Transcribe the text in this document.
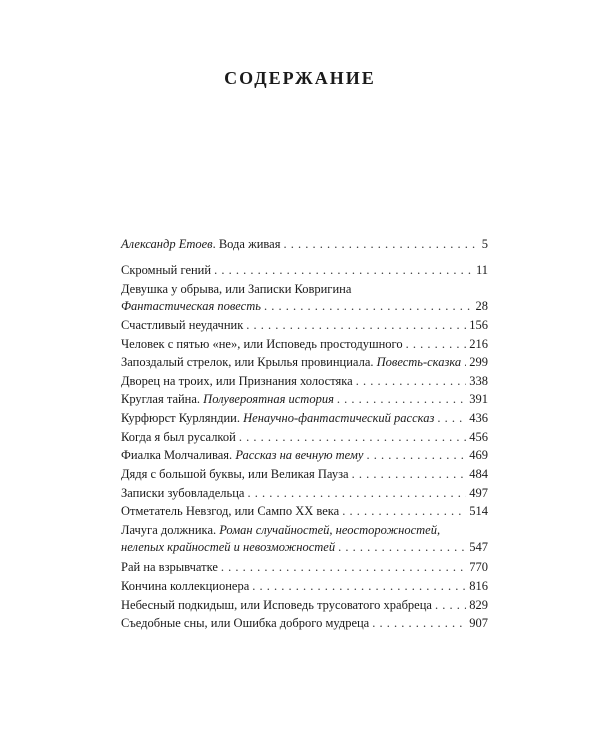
СОДЕРЖАНИЕ
Александр Етоев. Вода живая . . .	5
Скромный гений . . .	11
Девушка у обрыва, или Записки Ковригина
Фантастическая повесть . . .	28
Счастливый неудачник . . .	156
Человек с пятью «не», или Исповедь простодушного . . .	216
Запоздалый стрелок, или Крылья провинциала. Повесть-сказка . . . 299
Дворец на троих, или Признания холостяка . . .	338
Круглая тайна. Полувероятная история . . .	391
Курфюрст Курляндии. Ненаучно-фантастический рассказ . . .	436
Когда я был русалкой . . .	456
Фиалка Молчаливая. Рассказ на вечную тему . . .	469
Дядя с большой буквы, или Великая Пауза . . .	484
Записки зубовладельца . . .	497
Отметатель Невзгод, или Сампо XX века . . .	514
Лачуга должника. Роман случайностей, неосторожностей,
нелепых крайностей и невозможностей . . .	547
Рай на взрывчатке . . .	770
Кончина коллекционера . . .	816
Небесный подкидыш, или Исповедь трусоватого храбреца . . .	829
Съедобные сны, или Ошибка доброго мудреца . . .	907
